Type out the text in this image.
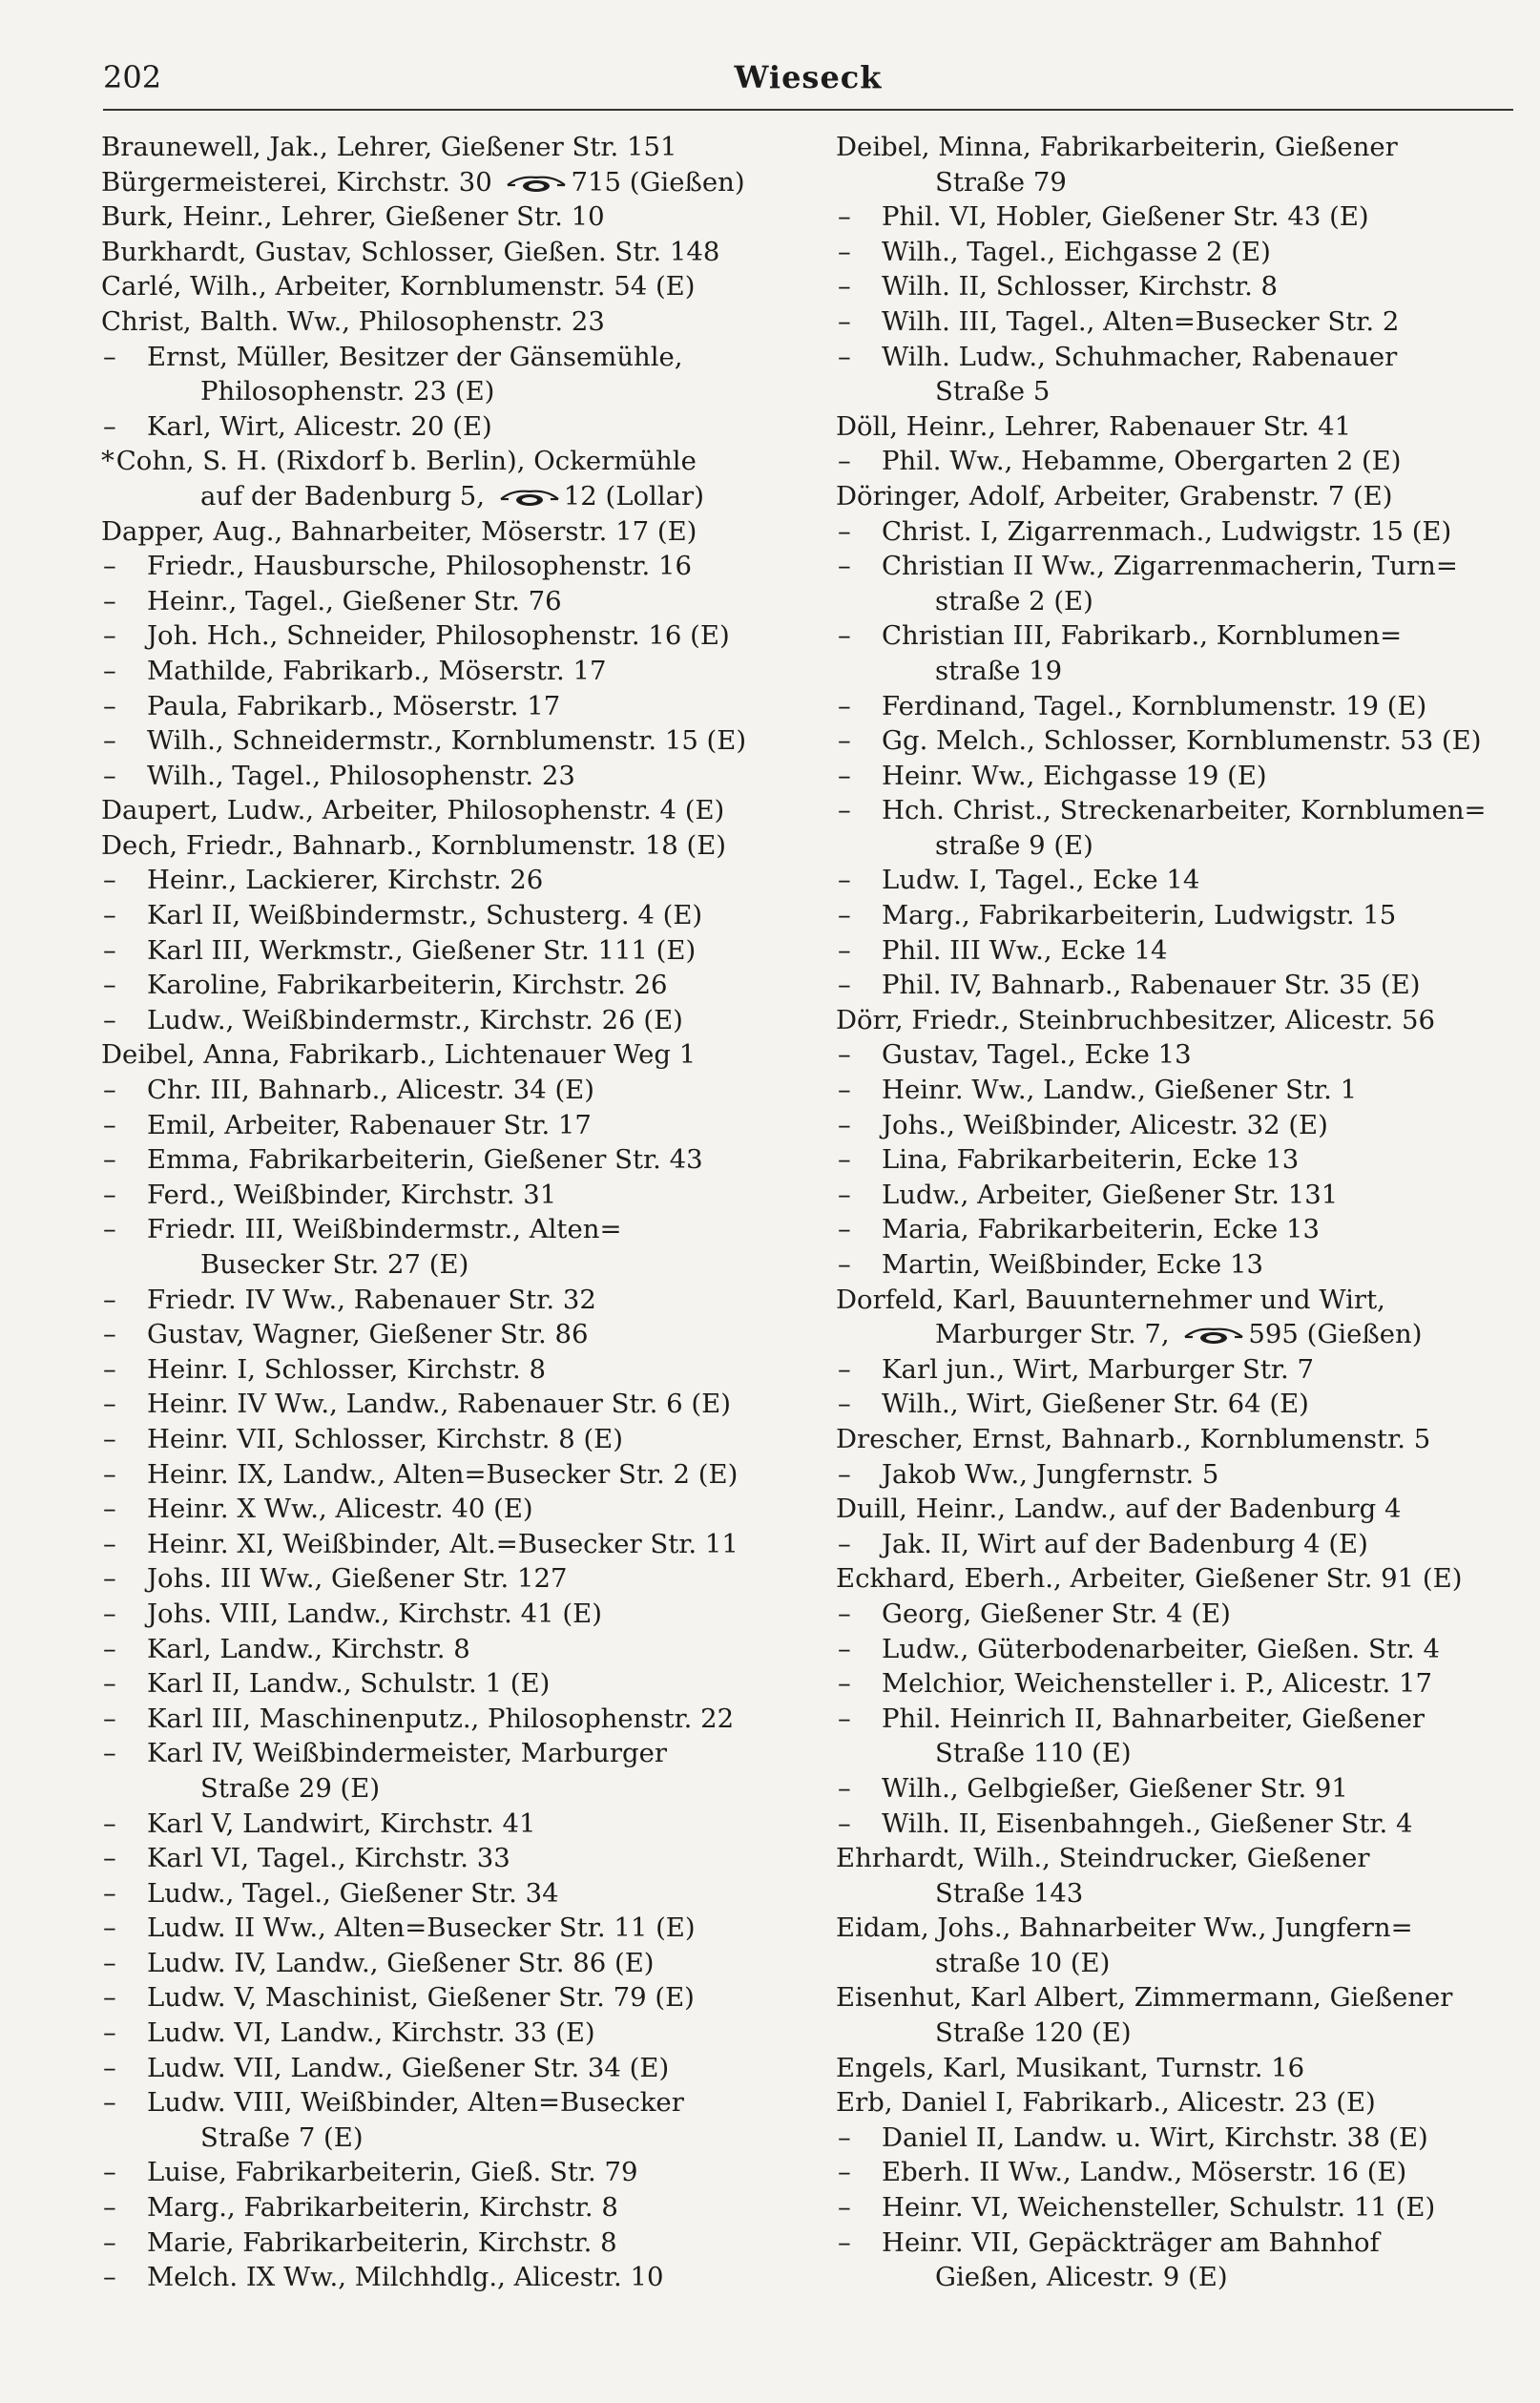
202	Wieseck
Braunewell, Jak., Lehrer, Gießener Str. 151
Bürgermeisterei, Kirchstr. 30	715 (Gießen)
Burk, Heinr., Lehrer, Gießener Str. 10
Burkhardt, Gustav, Schlosser, Gießen. Str. 148
Carlé, Wilh., Arbeiter, Kornblumenstr. 54 (E)
Christ, Balth. Ww., Philosophenstr. 23
– Ernst, Müller, Besitzer der Gänsemühle,
Philosophenstr. 23 (E)
– Karl, Wirt, Alicestr. 20 (E)
*Cohn, S. H. (Rixdorf b. Berlin), Ockermühle
auf der Badenburg 5,	12 (Lollar)
Dapper, Aug., Bahnarbeiter, Möserstr. 17 (E)
– Friedr., Hausbursche, Philosophenstr. 16
– Heinr., Tagel., Gießener Str. 76
– Joh. Hch., Schneider, Philosophenstr. 16 (E)
– Mathilde, Fabrikarb., Möserstr. 17
– Paula, Fabrikarb., Möserstr. 17
– Wilh., Schneidermstr., Kornblumenstr. 15 (E)
– Wilh., Tagel., Philosophenstr. 23
Daupert, Ludw., Arbeiter, Philosophenstr. 4 (E)
Dech, Friedr., Bahnarb., Kornblumenstr. 18 (E)
– Heinr., Lackierer, Kirchstr. 26
– Karl II, Weißbindermstr., Schusterg. 4 (E)
– Karl III, Werkmstr., Gießener Str. 111 (E)
– Karoline, Fabrikarbeiterin, Kirchstr. 26
– Ludw., Weißbindermstr., Kirchstr. 26 (E)
Deibel, Anna, Fabrikarb., Lichtenauer Weg 1
– Chr. III, Bahnarb., Alicestr. 34 (E)
– Emil, Arbeiter, Rabenauer Str. 17
– Emma, Fabrikarbeiterin, Gießener Str. 43
– Ferd., Weißbinder, Kirchstr. 31
– Friedr. III, Weißbindermstr., Alten=
Busecker Str. 27 (E)
– Friedr. IV Ww., Rabenauer Str. 32
– Gustav, Wagner, Gießener Str. 86
– Heinr. I, Schlosser, Kirchstr. 8
– Heinr. IV Ww., Landw., Rabenauer Str. 6 (E)
– Heinr. VII, Schlosser, Kirchstr. 8 (E)
– Heinr. IX, Landw., Alten=Busecker Str. 2 (E)
– Heinr. X Ww., Alicestr. 40 (E)
– Heinr. XI, Weißbinder, Alt.=Busecker Str. 11
– Johs. III Ww., Gießener Str. 127
– Johs. VIII, Landw., Kirchstr. 41 (E)
– Karl, Landw., Kirchstr. 8
– Karl II, Landw., Schulstr. 1 (E)
– Karl III, Maschinenputz., Philosophenstr. 22
– Karl IV, Weißbindermeister, Marburger
Straße 29 (E)
– Karl V, Landwirt, Kirchstr. 41
– Karl VI, Tagel., Kirchstr. 33
– Ludw., Tagel., Gießener Str. 34
– Ludw. II Ww., Alten=Busecker Str. 11 (E)
– Ludw. IV, Landw., Gießener Str. 86 (E)
– Ludw. V, Maschinist, Gießener Str. 79 (E)
– Ludw. VI, Landw., Kirchstr. 33 (E)
– Ludw. VII, Landw., Gießener Str. 34 (E)
– Ludw. VIII, Weißbinder, Alten=Busecker
Straße 7 (E)
– Luise, Fabrikarbeiterin, Gieß. Str. 79
– Marg., Fabrikarbeiterin, Kirchstr. 8
– Marie, Fabrikarbeiterin, Kirchstr. 8
– Melch. IX Ww., Milchhdlg., Alicestr. 10
Deibel, Minna, Fabrikarbeiterin, Gießener
Straße 79
– Phil. VI, Hobler, Gießener Str. 43 (E)
– Wilh., Tagel., Eichgasse 2 (E)
– Wilh. II, Schlosser, Kirchstr. 8
– Wilh. III, Tagel., Alten=Busecker Str. 2
– Wilh. Ludw., Schuhmacher, Rabenauer
Straße 5
Döll, Heinr., Lehrer, Rabenauer Str. 41
– Phil. Ww., Hebamme, Obergarten 2 (E)
Döringer, Adolf, Arbeiter, Grabenstr. 7 (E)
– Christ. I, Zigarrenmach., Ludwigstr. 15 (E)
– Christian II Ww., Zigarrenmacherin, Turn=
straße 2 (E)
– Christian III, Fabrikarb., Kornblumen=
straße 19
– Ferdinand, Tagel., Kornblumenstr. 19 (E)
– Gg. Melch., Schlosser, Kornblumenstr. 53 (E)
– Heinr. Ww., Eichgasse 19 (E)
– Hch. Christ., Streckenarbeiter, Kornblumen=
straße 9 (E)
– Ludw. I, Tagel., Ecke 14
– Marg., Fabrikarbeiterin, Ludwigstr. 15
– Phil. III Ww., Ecke 14
– Phil. IV, Bahnarb., Rabenauer Str. 35 (E)
Dörr, Friedr., Steinbruchbesitzer, Alicestr. 56
– Gustav, Tagel., Ecke 13
– Heinr. Ww., Landw., Gießener Str. 1
– Johs., Weißbinder, Alicestr. 32 (E)
– Lina, Fabrikarbeiterin, Ecke 13
– Ludw., Arbeiter, Gießener Str. 131
– Maria, Fabrikarbeiterin, Ecke 13
– Martin, Weißbinder, Ecke 13
Dorfeld, Karl, Bauunternehmer und Wirt,
Marburger Str. 7,	595 (Gießen)
– Karl jun., Wirt, Marburger Str. 7
– Wilh., Wirt, Gießener Str. 64 (E)
Drescher, Ernst, Bahnarb., Kornblumenstr. 5
– Jakob Ww., Jungfernstr. 5
Duill, Heinr., Landw., auf der Badenburg 4
– Jak. II, Wirt auf der Badenburg 4 (E)
Eckhard, Eberh., Arbeiter, Gießener Str. 91 (E)
– Georg, Gießener Str. 4 (E)
– Ludw., Güterbodenarbeiter, Gießen. Str. 4
– Melchior, Weichensteller i. P., Alicestr. 17
– Phil. Heinrich II, Bahnarbeiter, Gießener
Straße 110 (E)
– Wilh., Gelbgießer, Gießener Str. 91
– Wilh. II, Eisenbahngeh., Gießener Str. 4
Ehrhardt, Wilh., Steindrucker, Gießener
Straße 143
Eidam, Johs., Bahnarbeiter Ww., Jungfern=
straße 10 (E)
Eisenhut, Karl Albert, Zimmermann, Gießener
Straße 120 (E)
Engels, Karl, Musikant, Turnstr. 16
Erb, Daniel I, Fabrikarb., Alicestr. 23 (E)
– Daniel II, Landw. u. Wirt, Kirchstr. 38 (E)
– Eberh. II Ww., Landw., Möserstr. 16 (E)
– Heinr. VI, Weichensteller, Schulstr. 11 (E)
– Heinr. VII, Gepäckträger am Bahnhof
Gießen, Alicestr. 9 (E)
